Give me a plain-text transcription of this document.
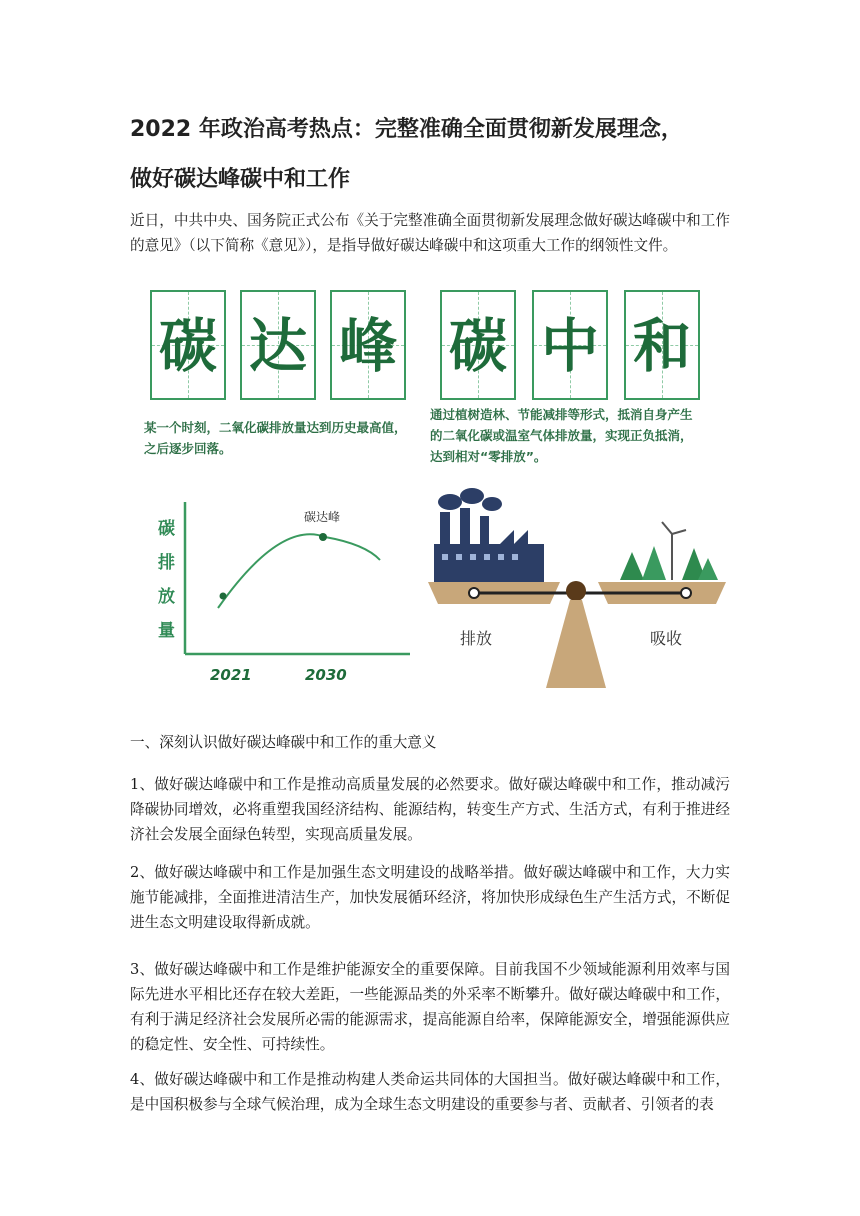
2022 年政治高考热点：完整准确全面贯彻新发展理念，
做好碳达峰碳中和工作

近日，中共中央、国务院正式公布《关于完整准确全面贯彻新发展理念做好碳达峰碳中和工作的意见》（以下简称《意见》），是指导做好碳达峰碳中和这项重大工作的纲领性文件。

碳 达 峰 碳 中 和
某一个时刻，二氧化碳排放量达到历史最高值，
之后逐步回落。
通过植树造林、节能减排等形式，抵消自身产生
的二氧化碳或温室气体排放量，实现正负抵消，
达到相对“零排放”。
碳
排
放
量
碳达峰
2021	2030
排放	吸收

一、深刻认识做好碳达峰碳中和工作的重大意义

1、做好碳达峰碳中和工作是推动高质量发展的必然要求。做好碳达峰碳中和工作，推动减污降碳协同增效，必将重塑我国经济结构、能源结构，转变生产方式、生活方式，有利于推进经济社会发展全面绿色转型，实现高质量发展。

2、做好碳达峰碳中和工作是加强生态文明建设的战略举措。做好碳达峰碳中和工作，大力实施节能减排，全面推进清洁生产，加快发展循环经济，将加快形成绿色生产生活方式，不断促进生态文明建设取得新成就。

3、做好碳达峰碳中和工作是维护能源安全的重要保障。目前我国不少领域能源利用效率与国际先进水平相比还存在较大差距，一些能源品类的外采率不断攀升。做好碳达峰碳中和工作，有利于满足经济社会发展所必需的能源需求，提高能源自给率，保障能源安全，增强能源供应的稳定性、安全性、可持续性。

4、做好碳达峰碳中和工作是推动构建人类命运共同体的大国担当。做好碳达峰碳中和工作，是中国积极参与全球气候治理，成为全球生态文明建设的重要参与者、贡献者、引领者的表
